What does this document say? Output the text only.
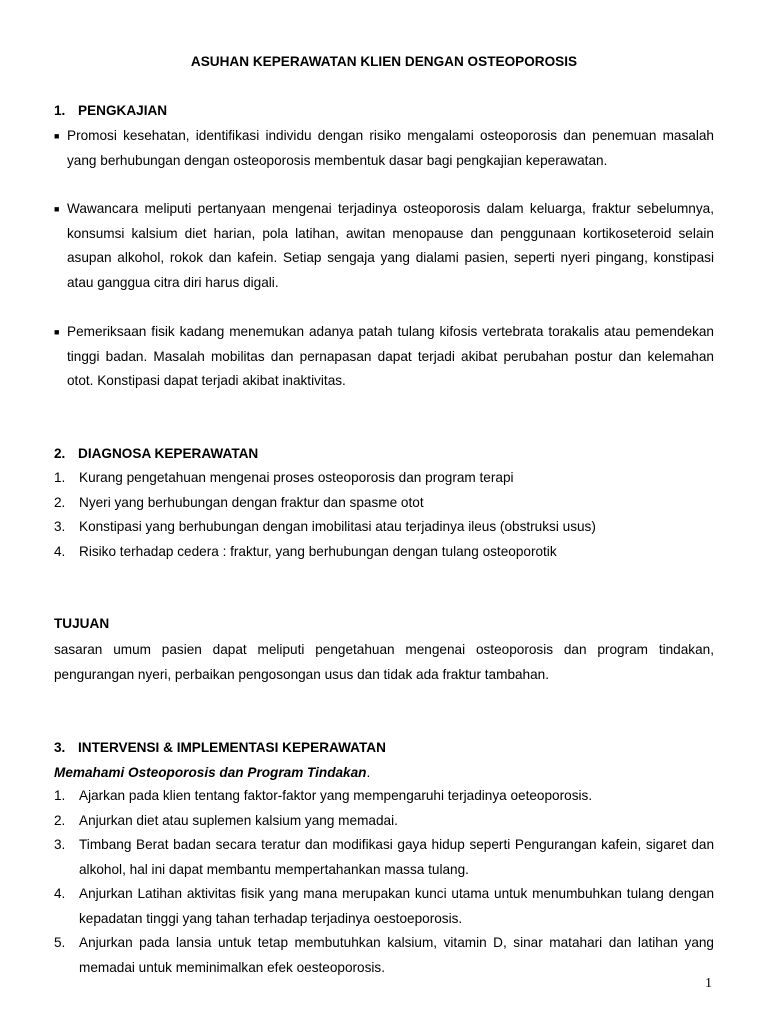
ASUHAN KEPERAWATAN KLIEN DENGAN OSTEOPOROSIS
1. PENGKAJIAN
■ Promosi kesehatan, identifikasi individu dengan risiko mengalami osteoporosis dan penemuan masalah yang berhubungan dengan osteoporosis membentuk dasar bagi pengkajian keperawatan.
■ Wawancara meliputi pertanyaan mengenai terjadinya osteoporosis dalam keluarga, fraktur sebelumnya, konsumsi kalsium diet harian, pola latihan, awitan menopause dan penggunaan kortikoseteroid selain asupan alkohol, rokok dan kafein. Setiap sengaja yang dialami pasien, seperti nyeri pingang, konstipasi atau ganggua citra diri harus digali.
■ Pemeriksaan fisik kadang menemukan adanya patah tulang kifosis vertebrata torakalis atau pemendekan tinggi badan. Masalah mobilitas dan pernapasan dapat terjadi akibat perubahan postur dan kelemahan otot. Konstipasi dapat terjadi akibat inaktivitas.
2. DIAGNOSA KEPERAWATAN
1. Kurang pengetahuan mengenai proses osteoporosis dan program terapi
2. Nyeri yang berhubungan dengan fraktur dan spasme otot
3. Konstipasi yang berhubungan dengan imobilitasi atau terjadinya ileus (obstruksi usus)
4. Risiko terhadap cedera : fraktur, yang berhubungan dengan tulang osteoporotik
TUJUAN
sasaran umum pasien dapat meliputi pengetahuan mengenai osteoporosis dan program tindakan, pengurangan nyeri, perbaikan pengosongan usus dan tidak ada fraktur tambahan.
3. INTERVENSI & IMPLEMENTASI KEPERAWATAN
Memahami Osteoporosis dan Program Tindakan.
1. Ajarkan pada klien tentang faktor-faktor yang mempengaruhi terjadinya oeteoporosis.
2. Anjurkan diet atau suplemen kalsium yang memadai.
3. Timbang Berat badan secara teratur dan modifikasi gaya hidup seperti Pengurangan kafein, sigaret dan alkohol, hal ini dapat membantu mempertahankan massa tulang.
4. Anjurkan Latihan aktivitas fisik yang mana merupakan kunci utama untuk menumbuhkan tulang dengan kepadatan tinggi yang tahan terhadap terjadinya oestoeporosis.
5. Anjurkan pada lansia untuk tetap membutuhkan kalsium, vitamin D, sinar matahari dan latihan yang memadai untuk meminimalkan efek oesteoporosis.
1
